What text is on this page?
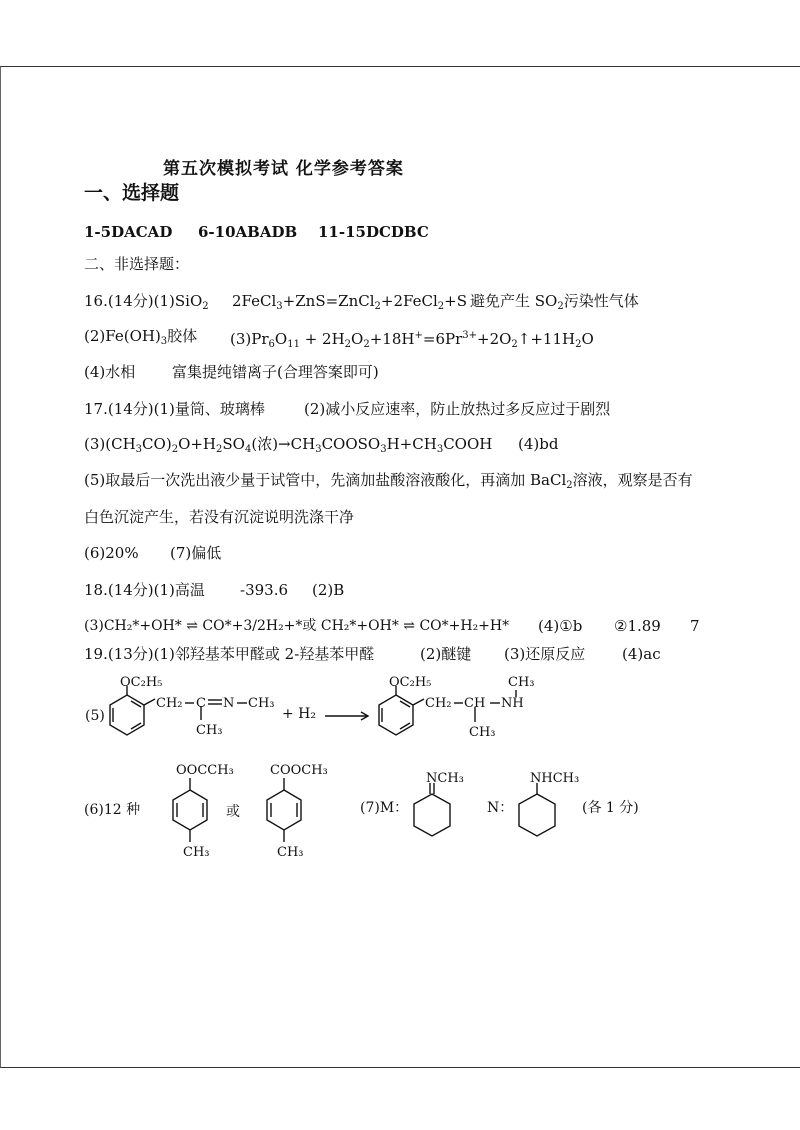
第五次模拟考试 化学参考答案
一、选择题
1-5DACAD 6-10ABADB 11-15DCDBC
二、非选择题：
16.(14分)(1)SiO$_2$ 2FeCl$_3$+ZnS=ZnCl$_2$+2FeCl$_2$+S 避免产生 $SO_2$污染性气体
$(2)Fe(OH)_3$胶体 $(3)Pr_6O_{11}$ + $2H_2O_2+18H^+=6Pr^{3+}+2O_2↑+11H_2O$
(4)水相 富集提纯镨离子(合理答案即可)
17.(14分)(1)量筒、玻璃棒	(2)减小反应速率，防止放热过多反应过于剧烈
$(3)(CH_3CO)_2O+H_2SO_4$(浓)$\to CH_3COOSO_3H+CH_3COOH$ (4)bd
(5)取最后一次洗出液少量于试管中，先滴加盐酸溶液酸化，再滴加 BaCl$_2$溶液，观察是否有
白色沉淀产生，若没有沉淀说明洗涤干净
(6)20% (7)偏低
18.(14分)(1)高温 -393.6 (2)B
(3)CH₂*+OH* ⇌ CO*+3/2H₂+*或 CH₂*+OH* ⇌ CO*+H₂+H* (4)①b ②1.89 7
19.(13分)(1)邻羟基苯甲醛或 2-羟基苯甲醛	(2)醚键 (3)还原反应 (4)ac
(5)
OC₂H₅
CH₂ C N CH₃
CH₃
+ H₂
OC₂H₅
CH₂ CH NH
CH₃
CH₃
(6)12 种
OOCCH₃
CH₃
或
COOCH₃
CH₃
(7)M：
NCH₃
N：
NHCH₃
(各 1 分)
